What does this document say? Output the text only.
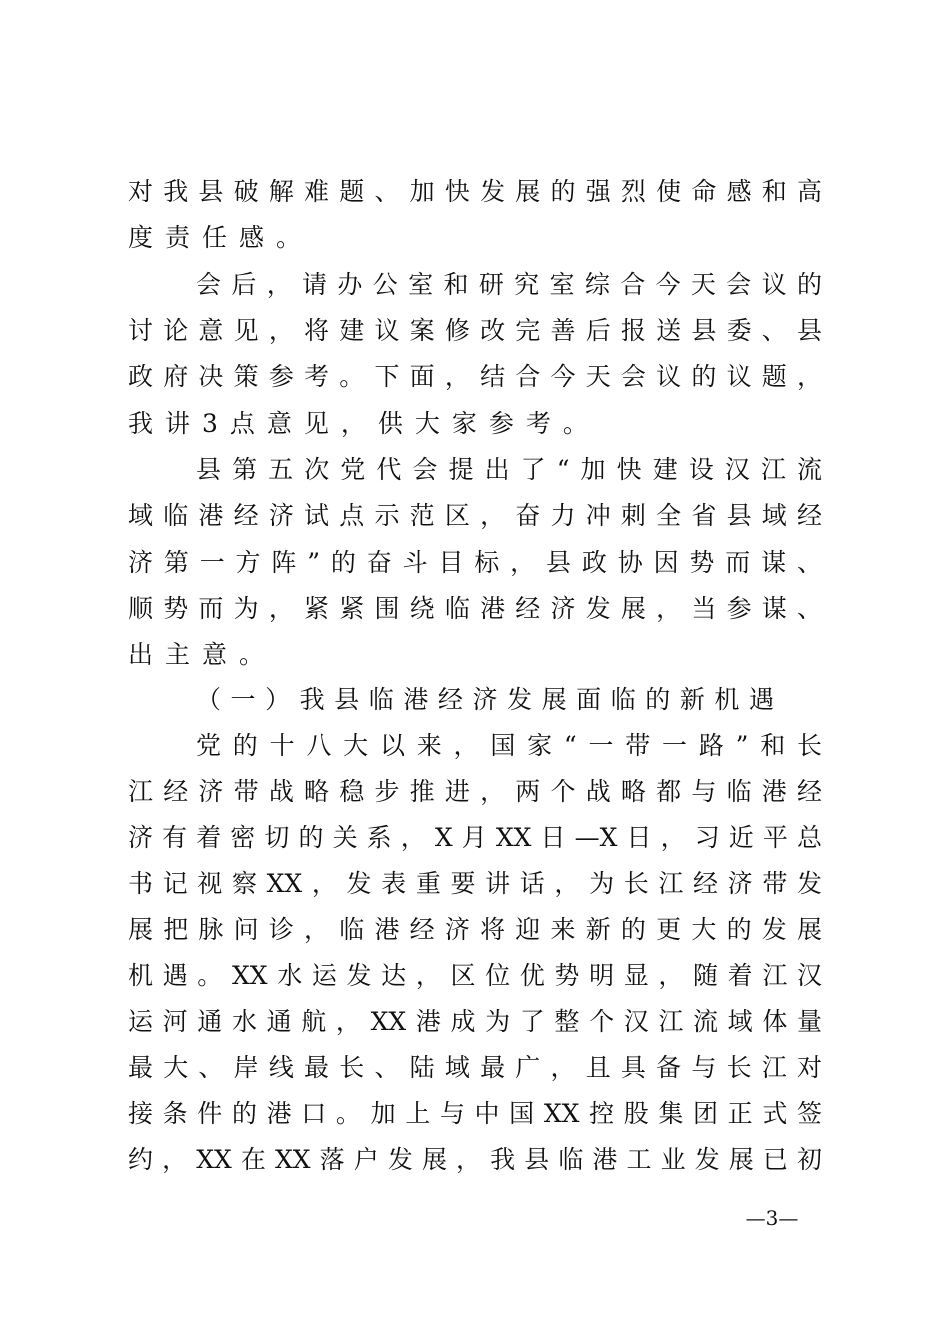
对我县破解难题、加快发展的强烈使命感和高
度责任感。
会后，请办公室和研究室综合今天会议的
讨论意见，将建议案修改完善后报送县委、县
政府决策参考。下面，结合今天会议的议题，
我讲3点意见，供大家参考。
县第五次党代会提出了“加快建设汉江流
域临港经济试点示范区，奋力冲刺全省县域经
济第一方阵”的奋斗目标，县政协因势而谋、
顺势而为，紧紧围绕临港经济发展，当参谋、
出主意。
（一）我县临港经济发展面临的新机遇
党的十八大以来，国家“一带一路”和长
江经济带战略稳步推进，两个战略都与临港经
济有着密切的关系，X月XX日—X日，习近平总
书记视察XX，发表重要讲话，为长江经济带发
展把脉问诊，临港经济将迎来新的更大的发展
机遇。XX水运发达，区位优势明显，随着江汉
运河通水通航，XX港成为了整个汉江流域体量
最大、岸线最长、陆域最广，且具备与长江对
接条件的港口。加上与中国XX控股集团正式签
约，XX在XX落户发展，我县临港工业发展已初
—3—
